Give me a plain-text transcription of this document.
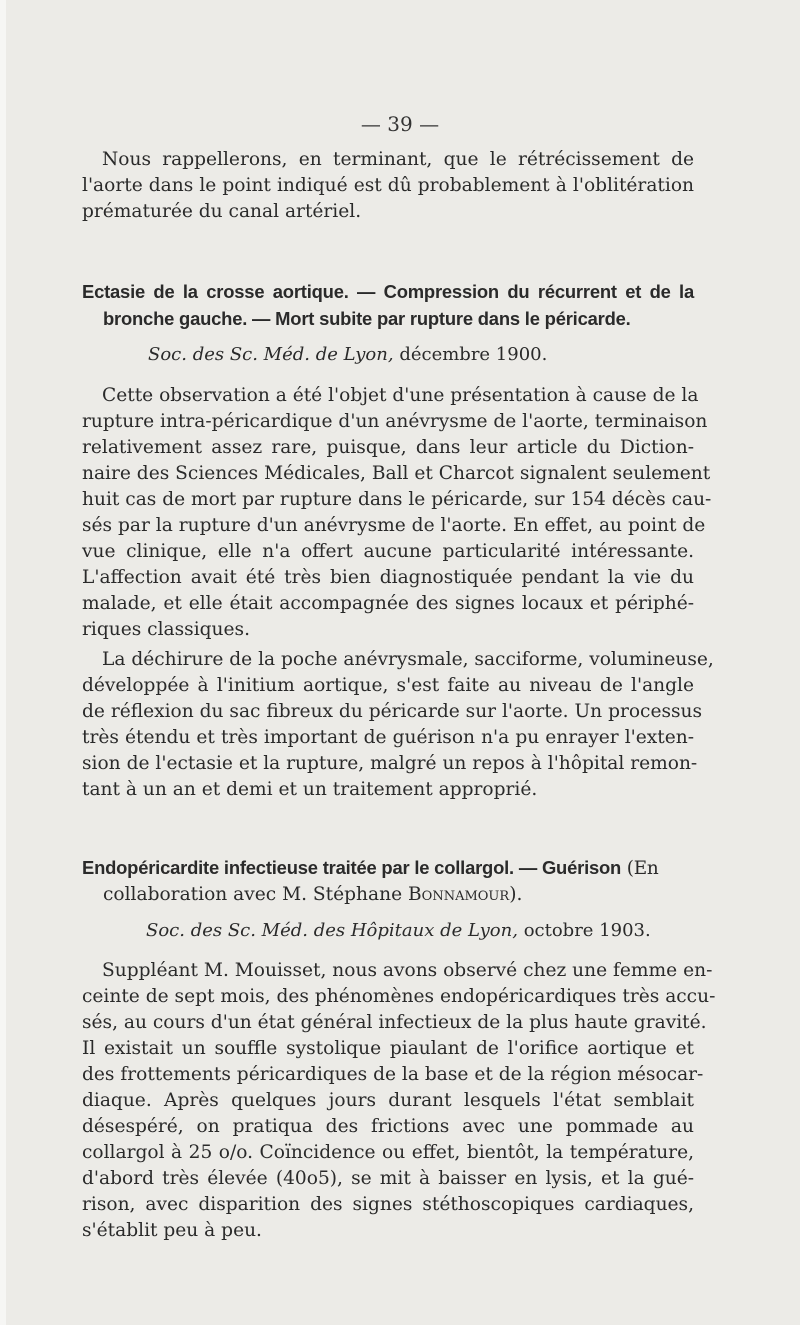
— 39 —
Nous rappellerons, en terminant, que le rétrécissement de
l'aorte dans le point indiqué est dû probablement à l'oblitération
prématurée du canal artériel.
Ectasie de la crosse aortique. — Compression du récurrent et de la
bronche gauche. — Mort subite par rupture dans le péricarde.
Soc. des Sc. Méd. de Lyon, décembre 1900.
Cette observation a été l'objet d'une présentation à cause de la
rupture intra-péricardique d'un anévrysme de l'aorte, terminaison
relativement assez rare, puisque, dans leur article du Diction-
naire des Sciences Médicales, Ball et Charcot signalent seulement
huit cas de mort par rupture dans le péricarde, sur 154 décès cau-
sés par la rupture d'un anévrysme de l'aorte. En effet, au point de
vue clinique, elle n'a offert aucune particularité intéressante.
L'affection avait été très bien diagnostiquée pendant la vie du
malade, et elle était accompagnée des signes locaux et périphé-
riques classiques.
La déchirure de la poche anévrysmale, sacciforme, volumineuse,
développée à l'initium aortique, s'est faite au niveau de l'angle
de réflexion du sac fibreux du péricarde sur l'aorte. Un processus
très étendu et très important de guérison n'a pu enrayer l'exten-
sion de l'ectasie et la rupture, malgré un repos à l'hôpital remon-
tant à un an et demi et un traitement approprié.
Endopéricardite infectieuse traitée par le collargol. — Guérison (En
collaboration avec M. Stéphane Bonnamour).
Soc. des Sc. Méd. des Hôpitaux de Lyon, octobre 1903.
Suppléant M. Mouisset, nous avons observé chez une femme en-
ceinte de sept mois, des phénomènes endopéricardiques très accu-
sés, au cours d'un état général infectieux de la plus haute gravité.
Il existait un souffle systolique piaulant de l'orifice aortique et
des frottements péricardiques de la base et de la région mésocar-
diaque. Après quelques jours durant lesquels l'état semblait
désespéré, on pratiqua des frictions avec une pommade au
collargol à 25 o/o. Coïncidence ou effet, bientôt, la température,
d'abord très élevée (40o5), se mit à baisser en lysis, et la gué-
rison, avec disparition des signes stéthoscopiques cardiaques,
s'établit peu à peu.
